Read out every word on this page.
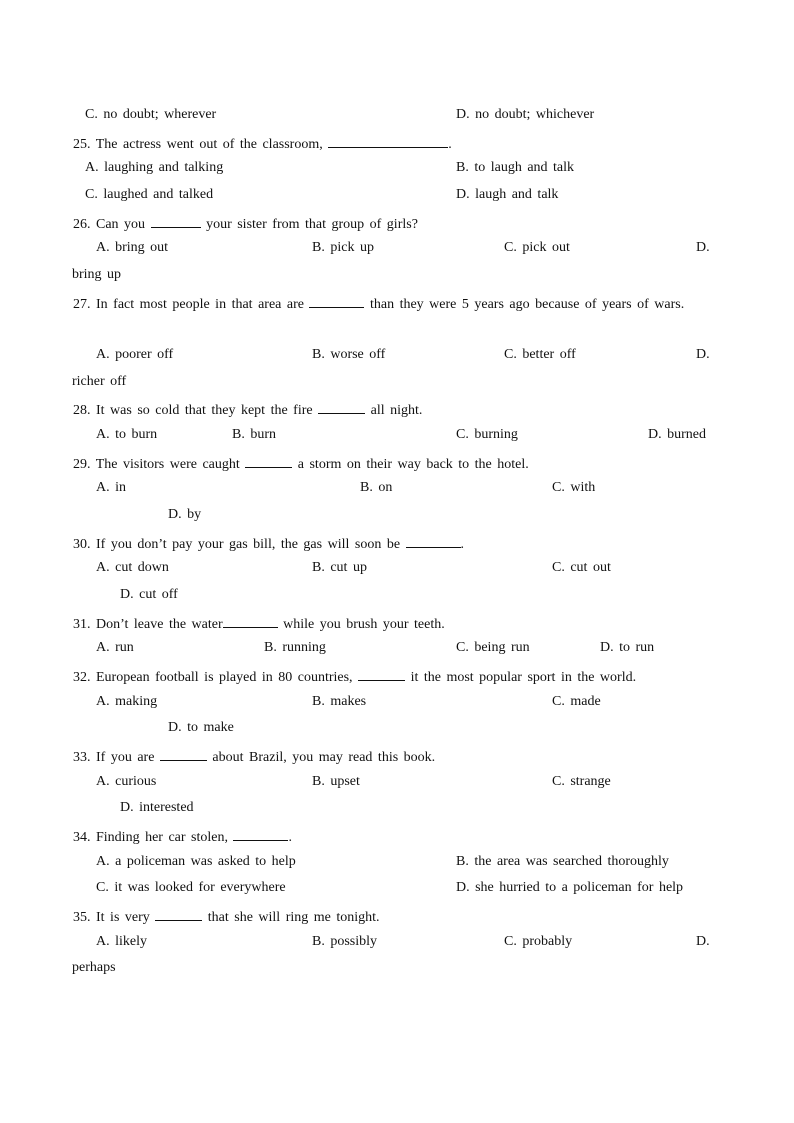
C. no doubt; wherever	D. no doubt; whichever
25. The actress went out of the classroom,	.
A. laughing and talking	B. to laugh and talk
C. laughed and talked	D. laugh and talk
26. Can you	your sister from that group of girls?
A. bring out	B. pick up	C. pick out	D.
bring up
27. In fact most people in that area are	than they were 5 years ago because of years of wars.
A. poorer off	B. worse off	C. better off	D.
richer off
28. It was so cold that they kept the fire	all night.
A. to burn	B. burn	C. burning	D. burned
29. The visitors were caught	a storm on their way back to the hotel.
A. in	B. on	C. with
D. by
30. If you don’t pay your gas bill, the gas will soon be	.
A. cut down	B. cut up	C. cut out
D. cut off
31. Don’t leave the water	while you brush your teeth.
A. run	B. running	C. being run	D. to run
32. European football is played in 80 countries,	it the most popular sport in the world.
A. making	B. makes	C. made
D. to make
33. If you are	about Brazil, you may read this book.
A. curious	B. upset	C. strange
D. interested
34. Finding her car stolen,	.
A. a policeman was asked to help	B. the area was searched thoroughly
C. it was looked for everywhere	D. she hurried to a policeman for help
35. It is very	that she will ring me tonight.
A. likely	B. possibly	C. probably	D.
perhaps
